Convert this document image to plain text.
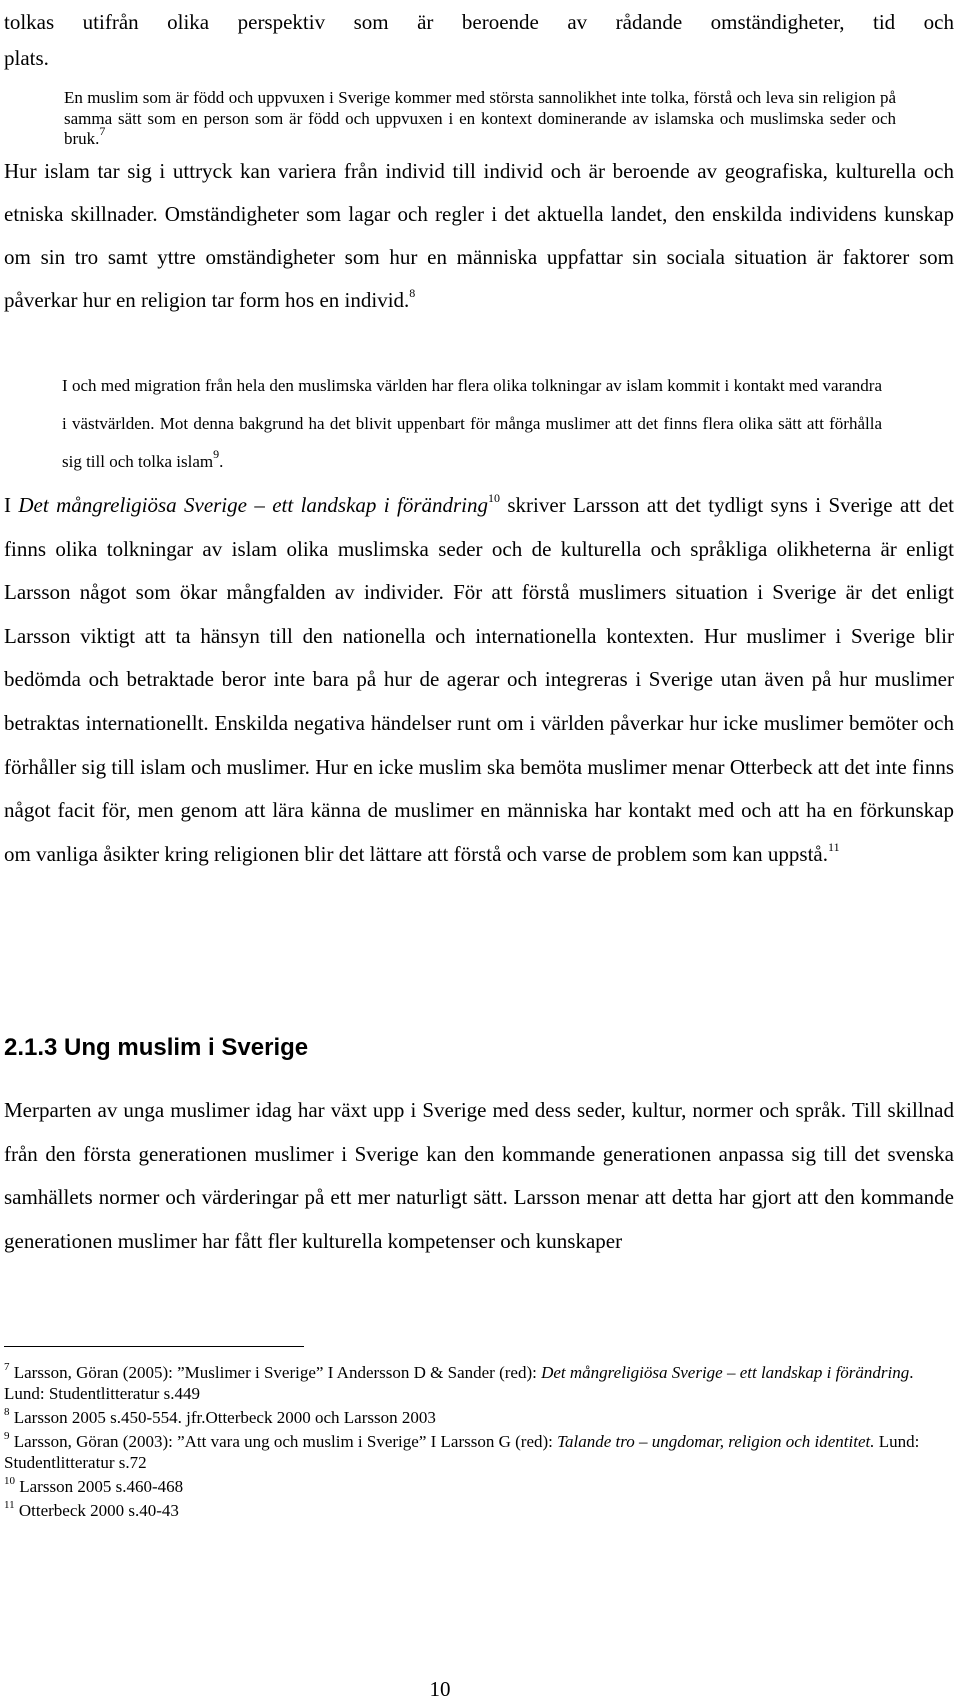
tolkas utifrån olika perspektiv som är beroende av rådande omständigheter, tid och

plats.

En muslim som är född och uppvuxen i Sverige kommer med största sannolikhet inte tolka, förstå och leva sin religion på samma sätt som en person som är född och uppvuxen i en kontext dominerande av islamska och muslimska seder och bruk.$^7$

Hur islam tar sig i uttryck kan variera från individ till individ och är beroende av geografiska, kulturella och etniska skillnader. Omständigheter som lagar och regler i det aktuella landet, den enskilda individens kunskap om sin tro samt yttre omständigheter som hur en människa uppfattar sin sociala situation är faktorer som påverkar hur en religion tar form hos en individ.$^8$

I och med migration från hela den muslimska världen har flera olika tolkningar av islam kommit i kontakt med varandra i västvärlden. Mot denna bakgrund ha det blivit uppenbart för många muslimer att det finns flera olika sätt att förhålla sig till och tolka islam$^9$.

I Det mångreligiösa Sverige – ett landskap i förändring$^{10}$ skriver Larsson att det tydligt syns i Sverige att det finns olika tolkningar av islam olika muslimska seder och de kulturella och språkliga olikheterna är enligt Larsson något som ökar mångfalden av individer. För att förstå muslimers situation i Sverige är det enligt Larsson viktigt att ta hänsyn till den nationella och internationella kontexten. Hur muslimer i Sverige blir bedömda och betraktade beror inte bara på hur de agerar och integreras i Sverige utan även på hur muslimer betraktas internationellt. Enskilda negativa händelser runt om i världen påverkar hur icke muslimer bemöter och förhåller sig till islam och muslimer. Hur en icke muslim ska bemöta muslimer menar Otterbeck att det inte finns något facit för, men genom att lära känna de muslimer en människa har kontakt med och att ha en förkunskap om vanliga åsikter kring religionen blir det lättare att förstå och varse de problem som kan uppstå.$^{11}$

2.1.3 Ung muslim i Sverige

Merparten av unga muslimer idag har växt upp i Sverige med dess seder, kultur, normer och språk. Till skillnad från den första generationen muslimer i Sverige kan den kommande generationen anpassa sig till det svenska samhällets normer och värderingar på ett mer naturligt sätt. Larsson menar att detta har gjort att den kommande generationen muslimer har fått fler kulturella kompetenser och kunskaper

$^7$ Larsson, Göran (2005): ”Muslimer i Sverige” I Andersson D & Sander (red): Det mångreligiösa Sverige – ett landskap i förändring. Lund: Studentlitteratur s.449

$^8$ Larsson 2005 s.450-554. jfr.Otterbeck 2000 och Larsson 2003

$^9$ Larsson, Göran (2003): ”Att vara ung och muslim i Sverige” I Larsson G (red): Talande tro – ungdomar, religion och identitet. Lund: Studentlitteratur s.72

$^{10}$ Larsson 2005 s.460-468

$^{11}$ Otterbeck 2000 s.40-43

10
